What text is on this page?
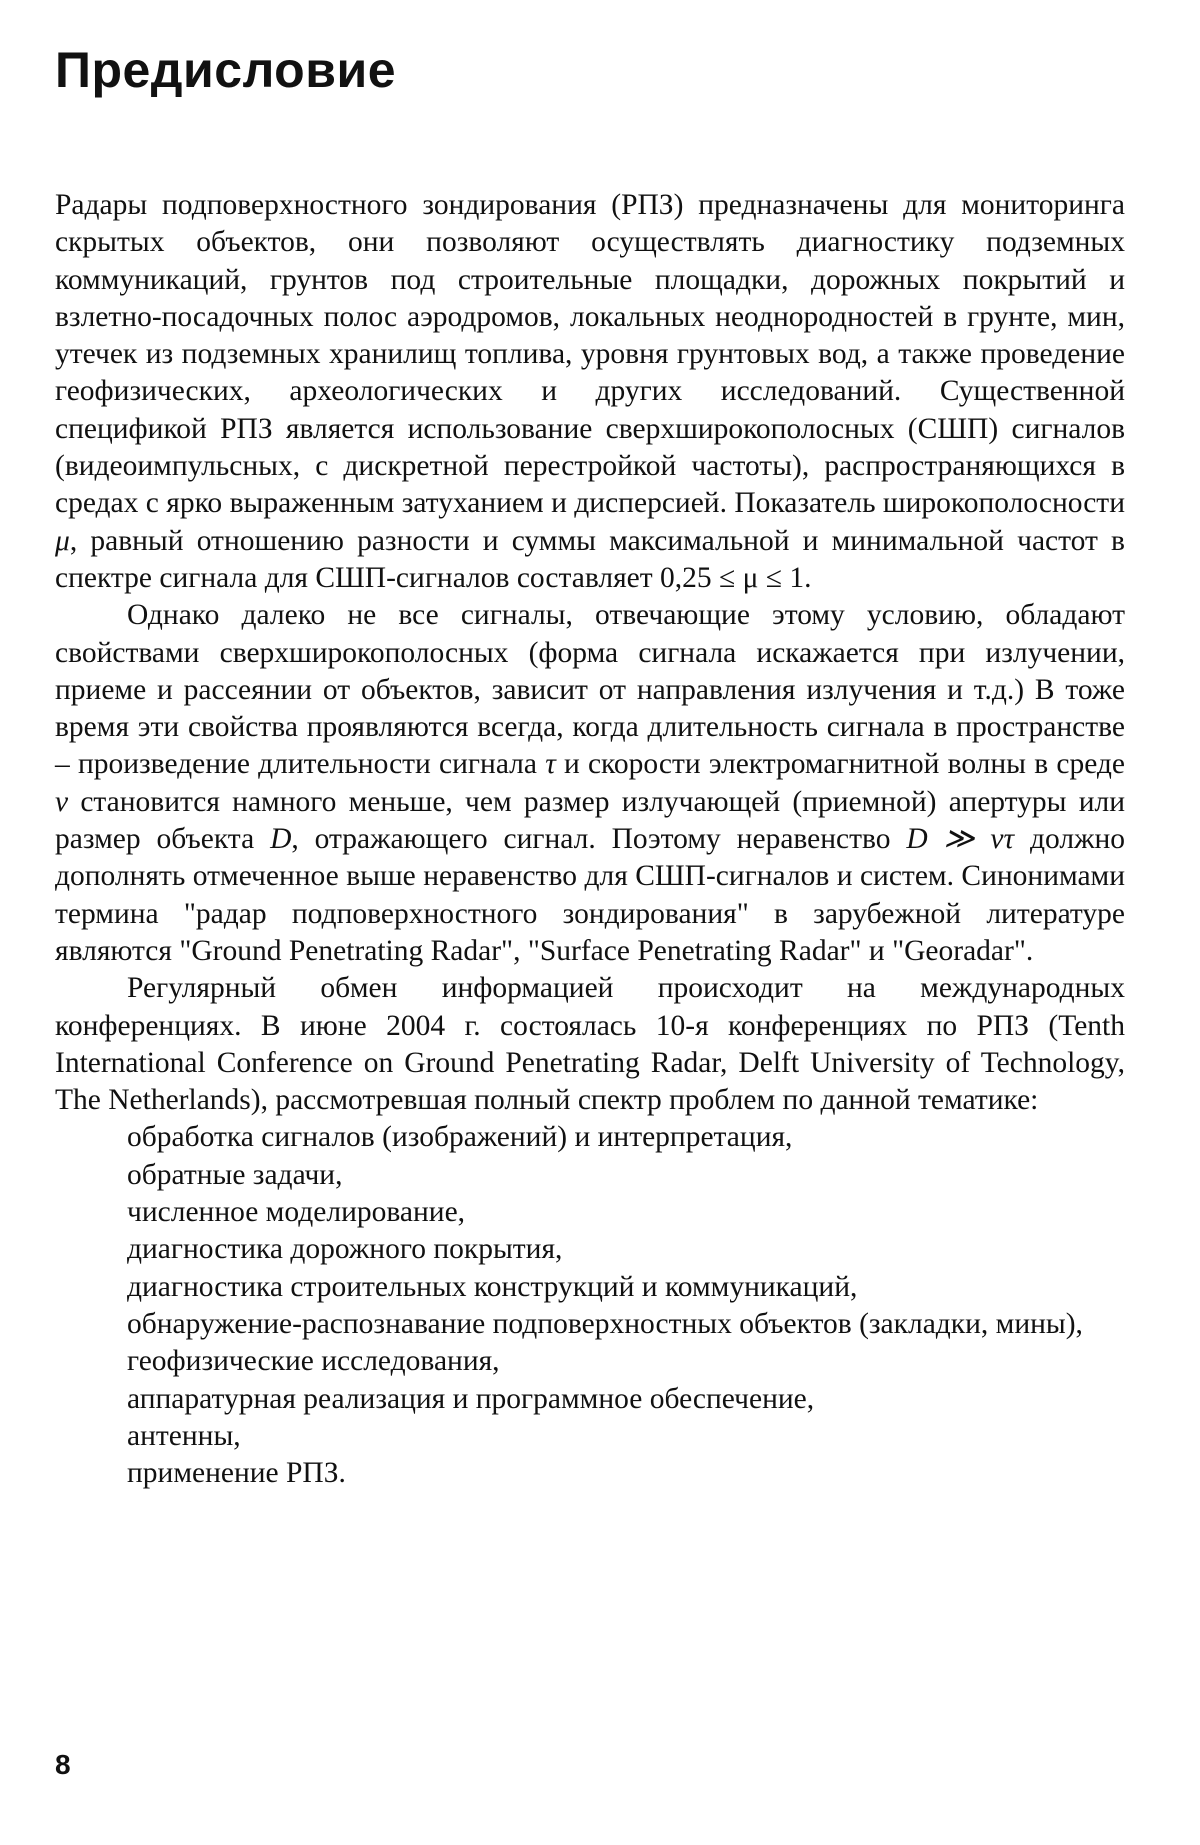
Предисловие

Радары подповерхностного зондирования (РПЗ) предназначены для мониторинга скрытых объектов, они позволяют осуществлять диагностику подземных коммуникаций, грунтов под строительные площадки, дорожных покрытий и взлетно-посадочных полос аэродромов, локальных неоднородностей в грунте, мин, утечек из подземных хранилищ топлива, уровня грунтовых вод, а также проведение геофизических, археологических и других исследований. Существенной спецификой РПЗ является использование сверхширокополосных (СШП) сигналов (видеоимпульсных, с дискретной перестройкой частоты), распространяющихся в средах с ярко выраженным затуханием и дисперсией. Показатель широкополосности μ, равный отношению разности и суммы максимальной и минимальной частот в спектре сигнала для СШП-сигналов составляет 0,25 ≤ μ ≤ 1.

Однако далеко не все сигналы, отвечающие этому условию, обладают свойствами сверхширокополосных (форма сигнала искажается при излучении, приеме и рассеянии от объектов, зависит от направления излучения и т.д.) В тоже время эти свойства проявляются всегда, когда длительность сигнала в пространстве – произведение длительности сигнала τ и скорости электромагнитной волны в среде v становится намного меньше, чем размер излучающей (приемной) апертуры или размер объекта D, отражающего сигнал. Поэтому неравенство D ≫ vτ должно дополнять отмеченное выше неравенство для СШП-сигналов и систем. Синонимами термина "радар подповерхностного зондирования" в зарубежной литературе являются "Ground Penetrating Radar", "Surface Penetrating Radar" и "Georadar".

Регулярный обмен информацией происходит на международных конференциях. В июне 2004 г. состоялась 10-я конференциях по РПЗ (Tenth International Conference on Ground Penetrating Radar, Delft University of Technology, The Netherlands), рассмотревшая полный спектр проблем по данной тематике:

обработка сигналов (изображений) и интерпретация,
обратные задачи,
численное моделирование,
диагностика дорожного покрытия,
диагностика строительных конструкций и коммуникаций,
обнаружение-распознавание подповерхностных объектов (закладки, мины),
геофизические исследования,
аппаратурная реализация и программное обеспечение,
антенны,
применение РПЗ.
8
